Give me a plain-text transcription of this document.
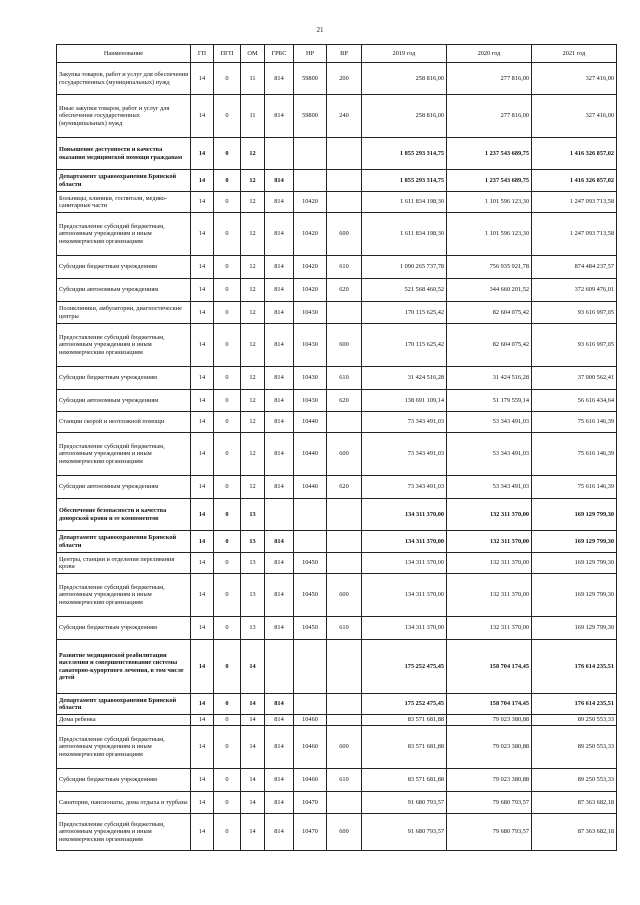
21
Наименование	ГП	ПГП	ОМ	ГРБС	НР	ВР	2019 год	2020 год	2021 год
Закупка товаров, работ и услуг для обеспечения государственных (муниципальных) нужд	14	0	11	814	59800	200	258 816,00	277 816,00	327 416,00
Иные закупки товаров, работ и услуг для обеспечения государственных (муниципальных) нужд	14	0	11	814	59800	240	258 816,00	277 816,00	327 416,00
Повышение доступности и качества оказания медицинской помощи гражданам	14	0	12				1 855 293 314,75	1 237 543 689,75	1 416 326 857,02
Департамент здравоохранения Брянской области	14	0	12	814			1 855 293 314,75	1 237 543 689,75	1 416 326 857,02
Больницы, клиники, госпитали, медико-санитарные части	14	0	12	814	10420		1 611 834 198,30	1 101 596 123,30	1 247 093 713,58
Предоставление субсидий бюджетным, автономным учреждениям и иным некоммерческим организациям	14	0	12	814	10420	600	1 611 834 198,30	1 101 596 123,30	1 247 093 713,58
Субсидии бюджетным учреждениям	14	0	12	814	10420	610	1 090 265 737,78	756 935 921,78	874 484 237,57
Субсидии автономным учреждениям	14	0	12	814	10420	620	521 568 460,52	344 660 201,52	372 609 476,01
Поликлиники, амбулатории, диагностические центры	14	0	12	814	10430		170 115 625,42	82 604 075,42	93 616 997,05
Предоставление субсидий бюджетным, автономным учреждениям и иным некоммерческим организациям	14	0	12	814	10430	600	170 115 625,42	82 604 075,42	93 616 997,05
Субсидии бюджетным учреждениям	14	0	12	814	10430	610	31 424 516,28	31 424 516,28	37 000 562,41
Субсидии автономным учреждениям	14	0	12	814	10430	620	138 691 109,14	51 179 559,14	56 616 434,64
Станции скорой и неотложной помощи	14	0	12	814	10440		73 343 491,03	53 343 491,03	75 616 146,39
Предоставление субсидий бюджетным, автономным учреждениям и иным некоммерческим организациям	14	0	12	814	10440	600	73 343 491,03	53 343 491,03	75 616 146,39
Субсидии автономным учреждениям	14	0	12	814	10440	620	73 343 491,03	53 343 491,03	75 616 146,39
Обеспечение безопасности и качества донорской крови и ее компонентов	14	0	13				134 311 370,00	132 311 370,00	169 129 799,30
Департамент здравоохранения Брянской области	14	0	13	814			134 311 370,00	132 311 370,00	169 129 799,30
Центры, станции и отделения переливания крови	14	0	13	814	10450		134 311 370,00	132 311 370,00	169 129 799,30
Предоставление субсидий бюджетным, автономным учреждениям и иным некоммерческим организациям	14	0	13	814	10450	600	134 311 370,00	132 311 370,00	169 129 799,30
Субсидии бюджетным учреждениям	14	0	13	814	10450	610	134 311 370,00	132 311 370,00	169 129 799,30
Развитие медицинской реабилитации населения и совершенствование системы санаторно-курортного лечения, в том числе детей	14	0	14				175 252 475,45	158 704 174,45	176 614 235,51
Департамент здравоохранения Брянской области	14	0	14	814			175 252 475,45	158 704 174,45	176 614 235,51
Дома ребенка	14	0	14	814	10460		83 571 681,88	79 023 380,88	89 250 553,33
Предоставление субсидий бюджетным, автономным учреждениям и иным некоммерческим организациям	14	0	14	814	10460	600	83 571 681,88	79 023 380,88	89 250 553,33
Субсидии бюджетным учреждениям	14	0	14	814	10460	610	83 571 681,88	79 023 380,88	89 250 553,33
Санатории, пансионаты, дома отдыха и турбазы	14	0	14	814	10470		91 680 793,57	79 680 793,57	87 363 682,18
Предоставление субсидий бюджетным, автономным учреждениям и иным некоммерческим организациям	14	0	14	814	10470	600	91 680 793,57	79 680 793,57	87 363 682,18
